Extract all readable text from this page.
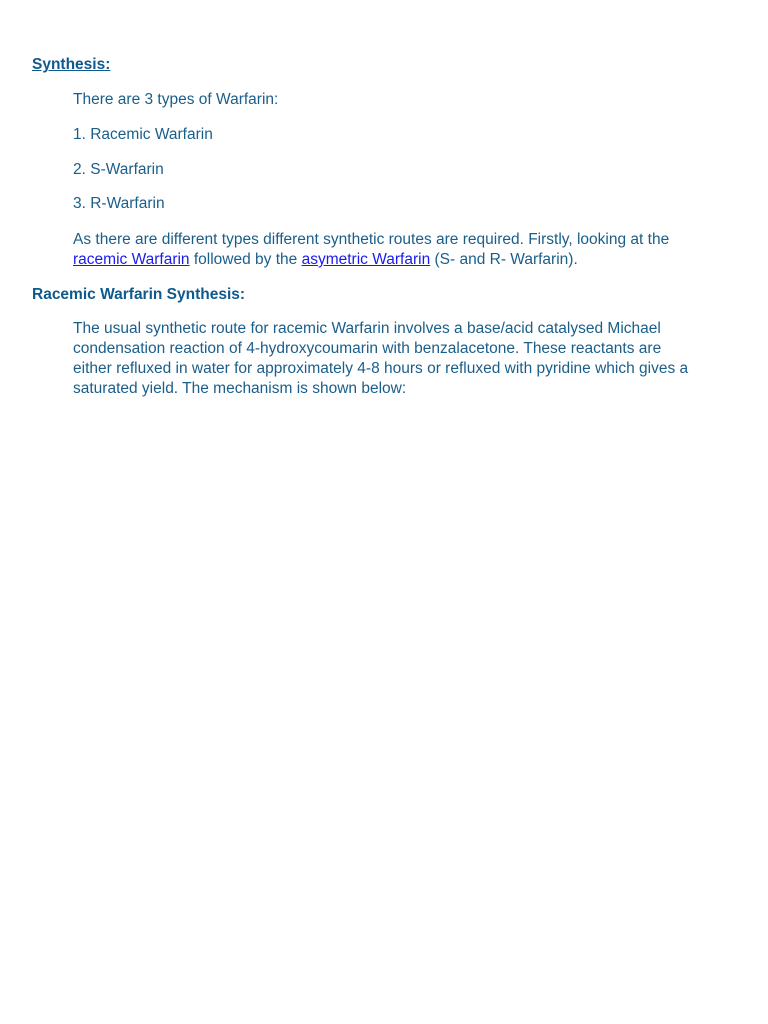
Synthesis:

There are 3 types of Warfarin:

1. Racemic Warfarin

2. S-Warfarin

3. R-Warfarin

As there are different types different synthetic routes are required. Firstly, looking at the racemic Warfarin followed by the asymetric Warfarin (S- and R- Warfarin).

Racemic Warfarin Synthesis:

The usual synthetic route for racemic Warfarin involves a base/acid catalysed Michael condensation reaction of 4-hydroxycoumarin with benzalacetone. These reactants are either refluxed in water for approximately 4-8 hours or refluxed with pyridine which gives a saturated yield. The mechanism is shown below:
